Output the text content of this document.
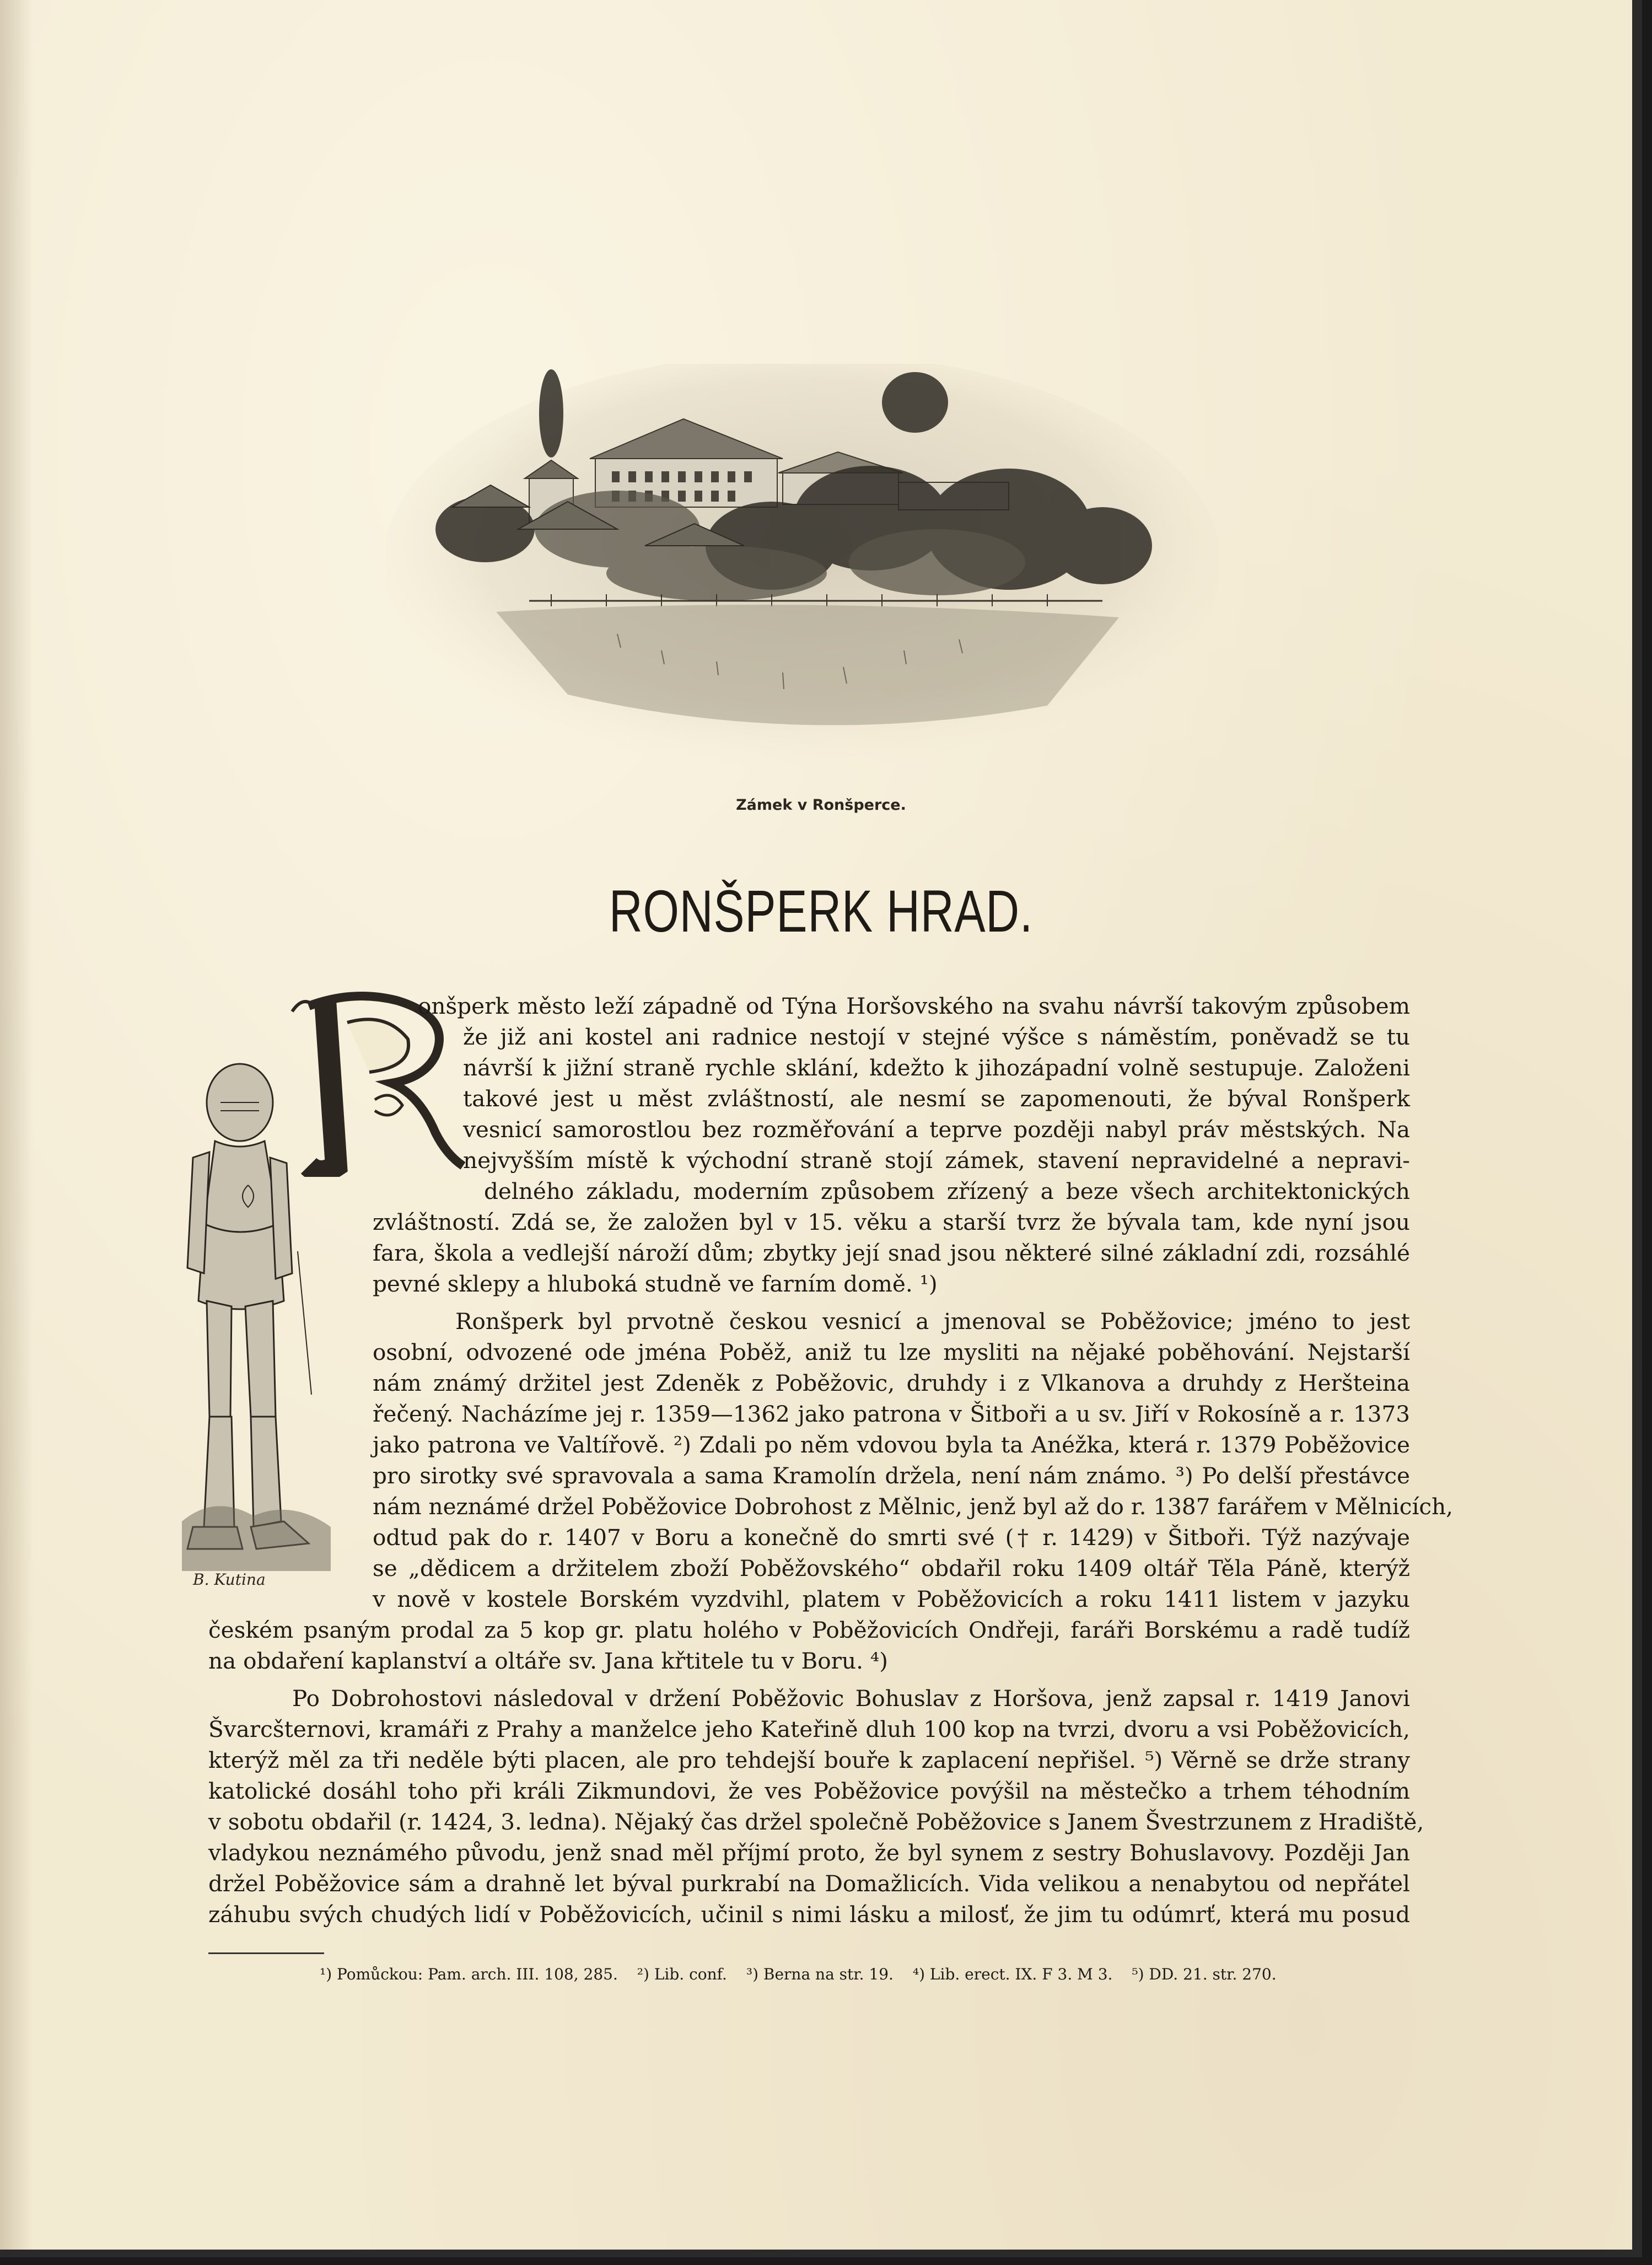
Zámek v Ronšperce.
RONŠPERK HRAD.
B. Kutina

onšperk město leží západně od Týna Horšovského na svahu návrší takovým způsobem

že již ani kostel ani radnice nestojí v stejné výšce s náměstím, poněvadž se tu

návrší k jižní straně rychle sklání, kdežto k jihozápadní volně sestupuje. Založeni

takové jest u měst zvláštností, ale nesmí se zapomenouti, že býval Ronšperk

vesnicí samorostlou bez rozměřování a teprve později nabyl práv městských. Na

nejvyšším místě k východní straně stojí zámek, stavení nepravidelné a nepravi-

delného základu, moderním způsobem zřízený a beze všech architektonických

zvláštností. Zdá se, že založen byl v 15. věku a starší tvrz že bývala tam, kde nyní jsou

fara, škola a vedlejší nároží dům; zbytky její snad jsou některé silné základní zdi, rozsáhlé

pevné sklepy a hluboká studně ve farním domě. ¹)

Ronšperk byl prvotně českou vesnicí a jmenoval se Poběžovice; jméno to jest

osobní, odvozené ode jména Poběž, aniž tu lze mysliti na nějaké poběhování. Nejstarší

nám známý držitel jest Zdeněk z Poběžovic, druhdy i z Vlkanova a druhdy z Heršteina

řečený. Nacházíme jej r. 1359—1362 jako patrona v Šitboři a u sv. Jiří v Rokosíně a r. 1373

jako patrona ve Valtířově. ²) Zdali po něm vdovou byla ta Anéžka, která r. 1379 Poběžovice

pro sirotky své spravovala a sama Kramolín držela, není nám známo. ³) Po delší přestávce

nám neznámé držel Poběžovice Dobrohost z Mělnic, jenž byl až do r. 1387 farářem v Mělnicích,

odtud pak do r. 1407 v Boru a konečně do smrti své († r. 1429) v Šitboři. Týž nazývaje

se „dědicem a držitelem zboží Poběžovského“ obdařil roku 1409 oltář Těla Páně, kterýž

v nově v kostele Borském vyzdvihl, platem v Poběžovicích a roku 1411 listem v jazyku

českém psaným prodal za 5 kop gr. platu holého v Poběžovicích Ondřeji, faráři Borskému a radě tudíž

na obdaření kaplanství a oltáře sv. Jana křtitele tu v Boru. ⁴)

Po Dobrohostovi následoval v držení Poběžovic Bohuslav z Horšova, jenž zapsal r. 1419 Janovi

Švarcšternovi, kramáři z Prahy a manželce jeho Kateřině dluh 100 kop na tvrzi, dvoru a vsi Poběžovicích,

kterýž měl za tři neděle býti placen, ale pro tehdejší bouře k zaplacení nepřišel. ⁵) Věrně se drže strany

katolické dosáhl toho při králi Zikmundovi, že ves Poběžovice povýšil na městečko a trhem téhodním

v sobotu obdařil (r. 1424, 3. ledna). Nějaký čas držel společně Poběžovice s Janem Švestrzunem z Hradiště,

vladykou neznámého původu, jenž snad měl příjmí proto, že byl synem z sestry Bohuslavovy. Později Jan

držel Poběžovice sám a drahně let býval purkrabí na Domažlicích. Vida velikou a nenabytou od nepřátel

záhubu svých chudých lidí v Poběžovicích, učinil s nimi lásku a milosť, že jim tu odúmrť, která mu posud

¹) Pomůckou: Pam. arch. III. 108, 285. ²) Lib. conf. ³) Berna na str. 19. ⁴) Lib. erect. IX. F 3. M 3. ⁵) DD. 21. str. 270.
